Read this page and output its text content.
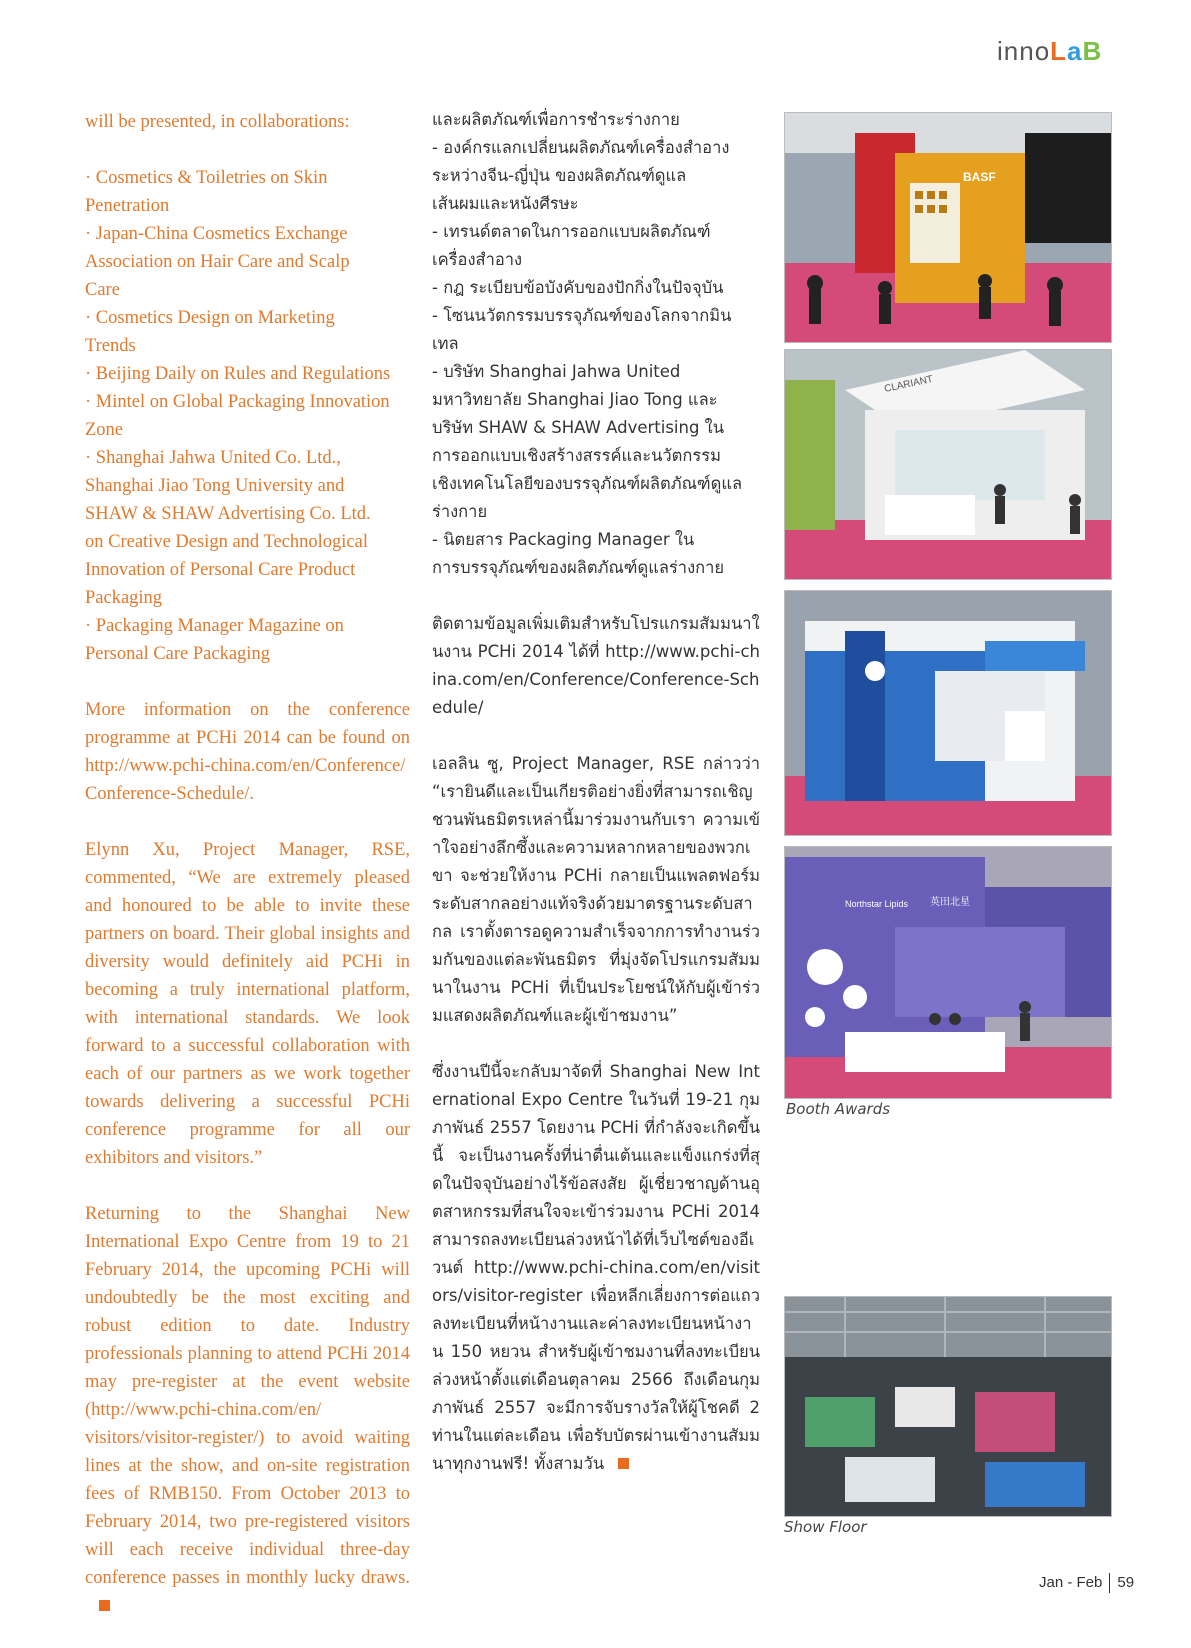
innoLaB

will be presented, in collaborations:

· Cosmetics & Toiletries on Skin
Penetration
· Japan-China Cosmetics Exchange
Association on Hair Care and Scalp
Care
· Cosmetics Design on Marketing
Trends
· Beijing Daily on Rules and Regulations
· Mintel on Global Packaging Innovation
Zone
· Shanghai Jahwa United Co. Ltd.,
Shanghai Jiao Tong University and
SHAW & SHAW Advertising Co. Ltd.
on Creative Design and Technological
Innovation of Personal Care Product
Packaging
· Packaging Manager Magazine on
Personal Care Packaging

More information on the conference programme at PCHi 2014 can be found on http://www.pchi-china.com/en/Conference/ Conference-Schedule/.

Elynn Xu, Project Manager, RSE, commented, “We are extremely pleased and honoured to be able to invite these partners on board. Their global insights and diversity would definitely aid PCHi in becoming a truly international platform, with international standards. We look forward to a successful collaboration with each of our partners as we work together towards delivering a successful PCHi conference programme for all our exhibitors and visitors.”

Returning to the Shanghai New International Expo Centre from 19 to 21 February 2014, the upcoming PCHi will undoubtedly be the most exciting and robust edition to date. Industry professionals planning to attend PCHi 2014 may pre-register at the event website (http://www.pchi-china.com/en/ visitors/visitor-register/) to avoid waiting lines at the show, and on-site registration fees of RMB150. From October 2013 to February 2014, two pre-registered visitors will each receive individual three-day conference passes in monthly lucky draws.

และผลิตภัณฑ์เพื่อการชำระร่างกาย
- องค์กรแลกเปลี่ยนผลิตภัณฑ์เครื่องสำอาง
ระหว่างจีน-ญี่ปุ่น ของผลิตภัณฑ์ดูแล
เส้นผมและหนังศีรษะ
- เทรนด์ตลาดในการออกแบบผลิตภัณฑ์
เครื่องสำอาง
- กฎ ระเบียบข้อบังคับของปักกิ่งในปัจจุบัน
- โซนนวัตกรรมบรรจุภัณฑ์ของโลกจากมิน
เทล
- บริษัท Shanghai Jahwa United
มหาวิทยาลัย Shanghai Jiao Tong และ
บริษัท SHAW & SHAW Advertising ใน
การออกแบบเชิงสร้างสรรค์และนวัตกรรม
เชิงเทคโนโลยีของบรรจุภัณฑ์ผลิตภัณฑ์ดูแล
ร่างกาย
- นิตยสาร Packaging Manager ใน
การบรรจุภัณฑ์ของผลิตภัณฑ์ดูแลร่างกาย

ติดตามข้อมูลเพิ่มเติมสำหรับโปรแกรมสัมมนาในงาน PCHi 2014 ได้ที่ http://www.pchi-china.com/en/Conference/Conference-Schedule/

เอลลิน ซู, Project Manager, RSE กล่าวว่า “เรายินดีและเป็นเกียรติอย่างยิ่งที่สามารถเชิญชวนพันธมิตรเหล่านี้มาร่วมงานกับเรา ความเข้าใจอย่างลึกซึ้งและความหลากหลายของพวกเขา จะช่วยให้งาน PCHi กลายเป็นแพลตฟอร์มระดับสากลอย่างแท้จริงด้วยมาตรฐานระดับสากล เราตั้งตารอดูความสำเร็จจากการทำงานร่วมกันของแต่ละพันธมิตร ที่มุ่งจัดโปรแกรมสัมมนาในงาน PCHi ที่เป็นประโยชน์ให้กับผู้เข้าร่วมแสดงผลิตภัณฑ์และผู้เข้าชมงาน”

ซึ่งงานปีนี้จะกลับมาจัดที่ Shanghai New International Expo Centre ในวันที่ 19-21 กุมภาพันธ์ 2557 โดยงาน PCHi ที่กำลังจะเกิดขึ้นนี้ จะเป็นงานครั้งที่น่าตื่นเต้นและแข็งแกร่งที่สุดในปัจจุบันอย่างไร้ข้อสงสัย ผู้เชี่ยวชาญด้านอุตสาหกรรมที่สนใจจะเข้าร่วมงาน PCHi 2014 สามารถลงทะเบียนล่วงหน้าได้ที่เว็บไซต์ของอีเวนต์ http://www.pchi-china.com/en/visitors/visitor-register เพื่อหลีกเลี่ยงการต่อแถวลงทะเบียนที่หน้างานและค่าลงทะเบียนหน้างาน 150 หยวน สำหรับผู้เข้าชมงานที่ลงทะเบียนล่วงหน้าตั้งแต่เดือนตุลาคม 2566 ถึงเดือนกุมภาพันธ์ 2557 จะมีการจับรางวัลให้ผู้โชคดี 2 ท่านในแต่ละเดือน เพื่อรับบัตรผ่านเข้างานสัมมนาทุกงานฟรี! ทั้งสามวัน

BASF
CLARIANT
Northstar Lipids 英田北星
Booth Awards
Show Floor
Jan - Feb 59
